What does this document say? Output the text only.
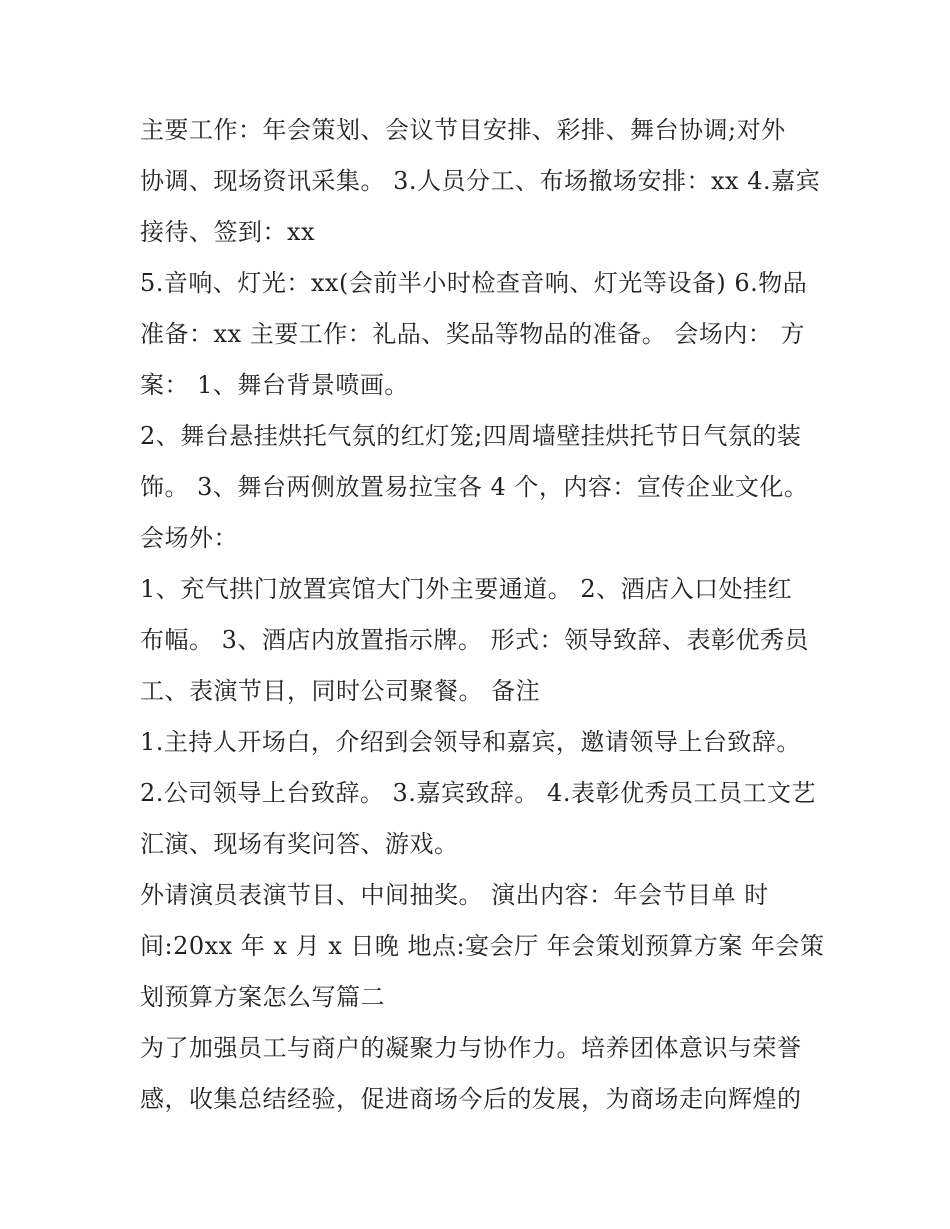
主要工作：年会策划、会议节目安排、彩排、舞台协调;对外
协调、现场资讯采集。 3.人员分工、布场撤场安排：xx 4.嘉宾
接待、签到：xx
5.音响、灯光：xx(会前半小时检查音响、灯光等设备) 6.物品
准备：xx 主要工作：礼品、奖品等物品的准备。 会场内： 方
案： 1、舞台背景喷画。
2、舞台悬挂烘托气氛的红灯笼;四周墙壁挂烘托节日气氛的装
饰。 3、舞台两侧放置易拉宝各 4 个，内容：宣传企业文化。
会场外：
1、充气拱门放置宾馆大门外主要通道。 2、酒店入口处挂红
布幅。 3、酒店内放置指示牌。 形式：领导致辞、表彰优秀员
工、表演节目，同时公司聚餐。 备注
1.主持人开场白，介绍到会领导和嘉宾，邀请领导上台致辞。
2.公司领导上台致辞。 3.嘉宾致辞。 4.表彰优秀员工员工文艺
汇演、现场有奖问答、游戏。
外请演员表演节目、中间抽奖。 演出内容：年会节目单 时
间:20xx 年 x 月 x 日晚 地点:宴会厅 年会策划预算方案 年会策
划预算方案怎么写篇二
为了加强员工与商户的凝聚力与协作力。培养团体意识与荣誉
感，收集总结经验，促进商场今后的发展，为商场走向辉煌的
